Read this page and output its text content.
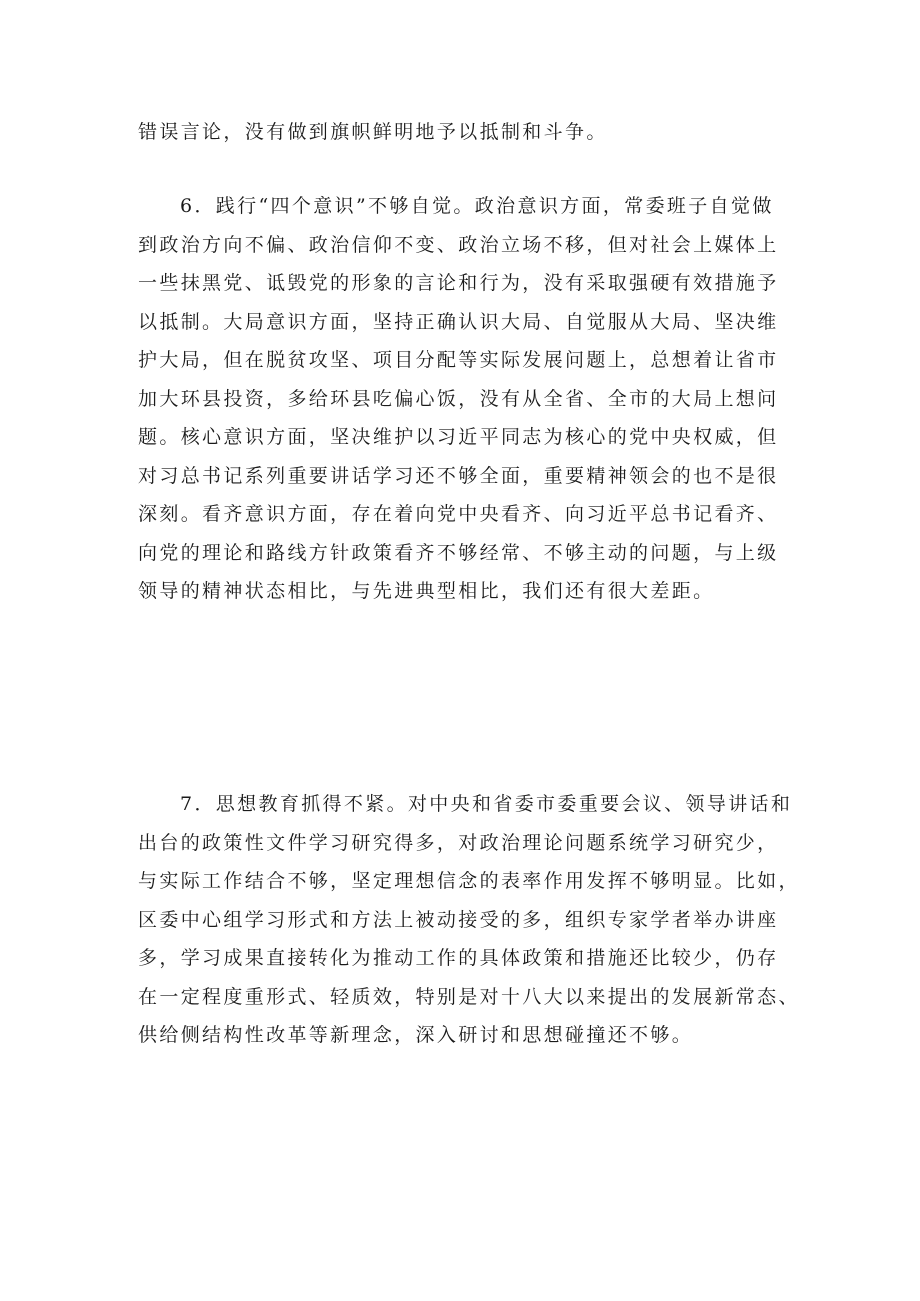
错误言论，没有做到旗帜鲜明地予以抵制和斗争。
6．践行“四个意识”不够自觉。政治意识方面，常委班子自觉做
到政治方向不偏、政治信仰不变、政治立场不移，但对社会上媒体上
一些抹黑党、诋毁党的形象的言论和行为，没有采取强硬有效措施予
以抵制。大局意识方面，坚持正确认识大局、自觉服从大局、坚决维
护大局，但在脱贫攻坚、项目分配等实际发展问题上，总想着让省市
加大环县投资，多给环县吃偏心饭，没有从全省、全市的大局上想问
题。核心意识方面，坚决维护以习近平同志为核心的党中央权威，但
对习总书记系列重要讲话学习还不够全面，重要精神领会的也不是很
深刻。看齐意识方面，存在着向党中央看齐、向习近平总书记看齐、
向党的理论和路线方针政策看齐不够经常、不够主动的问题，与上级
领导的精神状态相比，与先进典型相比，我们还有很大差距。
7．思想教育抓得不紧。对中央和省委市委重要会议、领导讲话和
出台的政策性文件学习研究得多，对政治理论问题系统学习研究少，
与实际工作结合不够，坚定理想信念的表率作用发挥不够明显。比如，
区委中心组学习形式和方法上被动接受的多，组织专家学者举办讲座
多，学习成果直接转化为推动工作的具体政策和措施还比较少，仍存
在一定程度重形式、轻质效，特别是对十八大以来提出的发展新常态、
供给侧结构性改革等新理念，深入研讨和思想碰撞还不够。
